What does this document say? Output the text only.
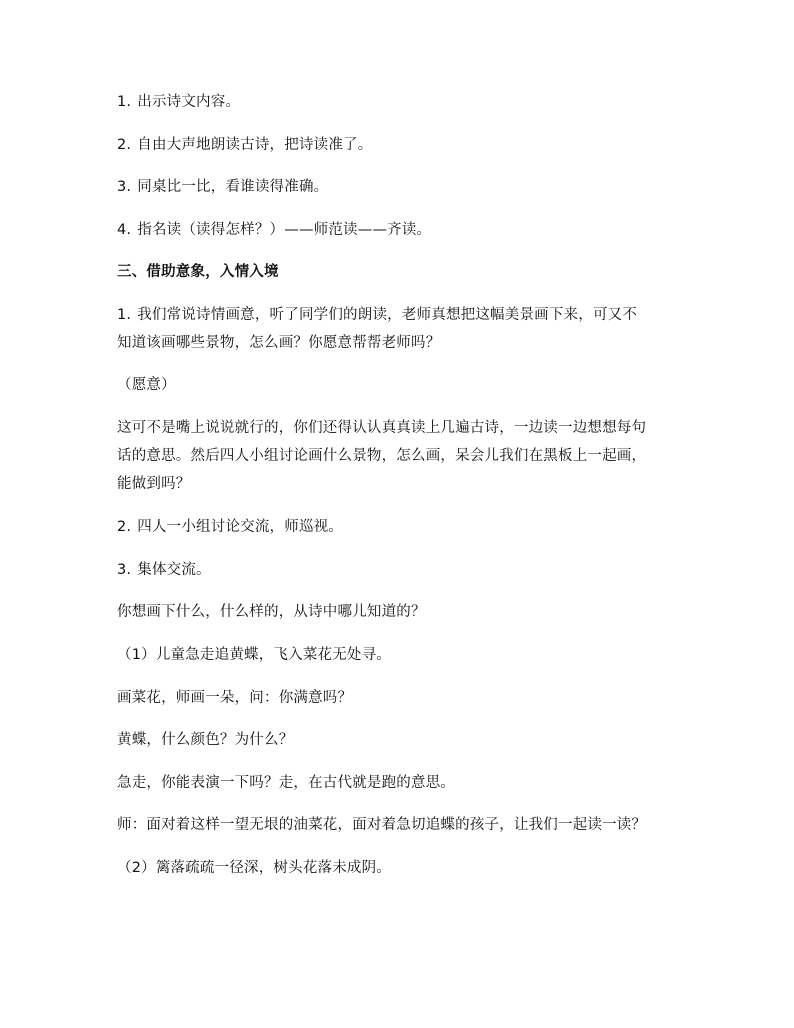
1. 出示诗文内容。
2. 自由大声地朗读古诗，把诗读准了。
3. 同桌比一比，看谁读得准确。
4. 指名读（读得怎样？）——师范读——齐读。
三、借助意象，入情入境
1. 我们常说诗情画意，听了同学们的朗读，老师真想把这幅美景画下来，可又不
知道该画哪些景物，怎么画？你愿意帮帮老师吗？
（愿意）
这可不是嘴上说说就行的，你们还得认认真真读上几遍古诗，一边读一边想想每句
话的意思。然后四人小组讨论画什么景物，怎么画，呆会儿我们在黑板上一起画，
能做到吗？
2. 四人一小组讨论交流，师巡视。
3. 集体交流。
你想画下什么，什么样的，从诗中哪儿知道的？
（1）儿童急走追黄蝶，飞入菜花无处寻。
画菜花，师画一朵，问：你满意吗？
黄蝶，什么颜色？为什么？
急走，你能表演一下吗？走，在古代就是跑的意思。
师：面对着这样一望无垠的油菜花，面对着急切追蝶的孩子，让我们一起读一读？
（2）篱落疏疏一径深，树头花落未成阴。
